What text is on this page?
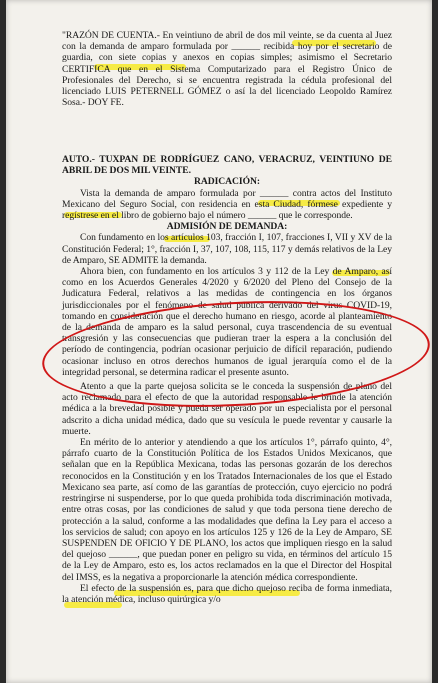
"RAZÓN DE CUENTA.- En veintiuno de abril de dos mil veinte, se da cuenta al Juez con la demanda de amparo formulada por ______ recibida hoy por el secretario de guardia, con siete copias y anexos en copias simples; asimismo el Secretario CERTIFICA que en el Sistema Computarizado para el Registro Único de Profesionales del Derecho, si se encuentra registrada la cédula profesional del licenciado LUIS PETERNELL GÓMEZ o así la del licenciado Leopoldo Ramírez Sosa.- DOY FE.

AUTO.- TUXPAN DE RODRÍGUEZ CANO, VERACRUZ, VEINTIUNO DE ABRIL DE DOS MIL VEINTE.

RADICACIÓN:

Vista la demanda de amparo formulada por ______ contra actos del Instituto Mexicano del Seguro Social, con residencia en esta Ciudad, fórmese expediente y regístrese en el libro de gobierno bajo el número ______ que le corresponde.

ADMISIÓN DE DEMANDA:

Con fundamento en los artículos 103, fracción I, 107, fracciones I, VII y XV de la Constitución Federal; 1°, fracción I, 37, 107, 108, 115, 117 y demás relativos de la Ley de Amparo, SE ADMITE la demanda.

Ahora bien, con fundamento en los artículos 3 y 112 de la Ley de Amparo, así como en los Acuerdos Generales 4/2020 y 6/2020 del Pleno del Consejo de la Judicatura Federal, relativos a las medidas de contingencia en los órganos jurisdiccionales por el fenómeno de salud pública derivado del virus COVID-19, tomando en consideración que el derecho humano en riesgo, acorde al planteamiento de la demanda de amparo es la salud personal, cuya trascendencia de su eventual transgresión y las consecuencias que pudieran traer la espera a la conclusión del período de contingencia, podrían ocasionar perjuicio de difícil reparación, pudiendo ocasionar incluso en otros derechos humanos de igual jerarquía como el de la integridad personal, se determina radicar el presente asunto.

Atento a que la parte quejosa solicita se le conceda la suspensión de plano del acto reclamado para el efecto de que la autoridad responsable le brinde la atención médica a la brevedad posible y pueda ser operado por un especialista por el personal adscrito a dicha unidad médica, dado que su vesícula le puede reventar y causarle la muerte.

En mérito de lo anterior y atendiendo a que los artículos 1°, párrafo quinto, 4°, párrafo cuarto de la Constitución Política de los Estados Unidos Mexicanos, que señalan que en la República Mexicana, todas las personas gozarán de los derechos reconocidos en la Constitución y en los Tratados Internacionales de los que el Estado Mexicano sea parte, así como de las garantías de protección, cuyo ejercicio no podrá restringirse ni suspenderse, por lo que queda prohibida toda discriminación motivada, entre otras cosas, por las condiciones de salud y que toda persona tiene derecho de protección a la salud, conforme a las modalidades que defina la Ley para el acceso a los servicios de salud; con apoyo en los artículos 125 y 126 de la Ley de Amparo, SE SUSPENDEN DE OFICIO Y DE PLANO, los actos que impliquen riesgo en la salud del quejoso ______, que puedan poner en peligro su vida, en términos del artículo 15 de la Ley de Amparo, esto es, los actos reclamados en la que el Director del Hospital del IMSS, es la negativa a proporcionarle la atención médica correspondiente.

El efecto de la suspensión es, para que dicho quejoso reciba de forma inmediata, la atención médica, incluso quirúrgica y/o
